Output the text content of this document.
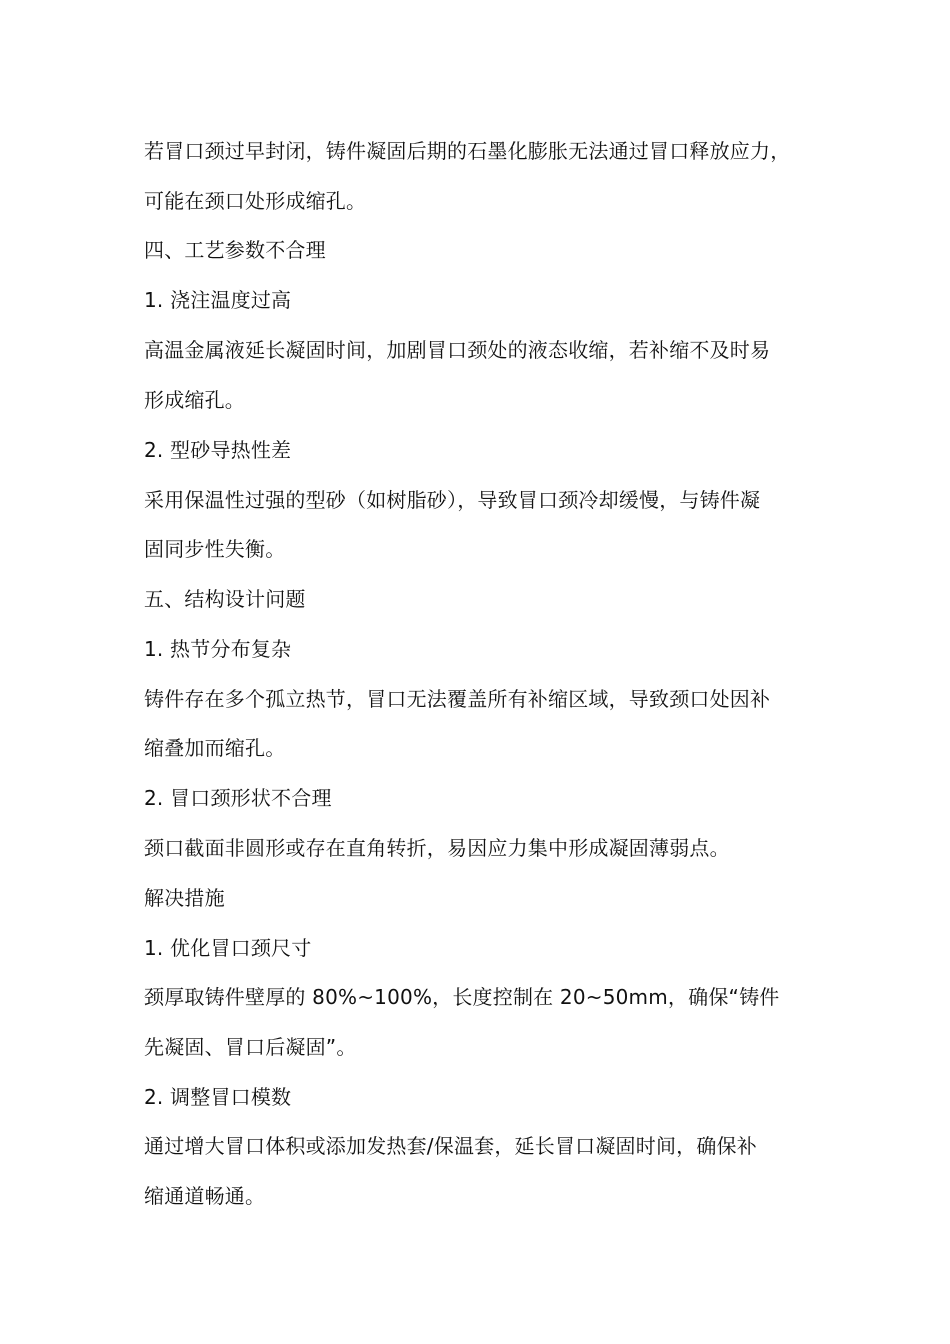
若冒口颈过早封闭，铸件凝固后期的石墨化膨胀无法通过冒口释放应力，
可能在颈口处形成缩孔。
四、工艺参数不合理
1. 浇注温度过高
高温金属液延长凝固时间，加剧冒口颈处的液态收缩，若补缩不及时易
形成缩孔。
2. 型砂导热性差
采用保温性过强的型砂（如树脂砂），导致冒口颈冷却缓慢，与铸件凝
固同步性失衡。
五、结构设计问题
1. 热节分布复杂
铸件存在多个孤立热节，冒口无法覆盖所有补缩区域，导致颈口处因补
缩叠加而缩孔。
2. 冒口颈形状不合理
颈口截面非圆形或存在直角转折，易因应力集中形成凝固薄弱点。
解决措施
1. 优化冒口颈尺寸
颈厚取铸件壁厚的 80%~100%，长度控制在 20~50mm，确保“铸件
先凝固、冒口后凝固”。
2. 调整冒口模数
通过增大冒口体积或添加发热套/保温套，延长冒口凝固时间，确保补
缩通道畅通。
